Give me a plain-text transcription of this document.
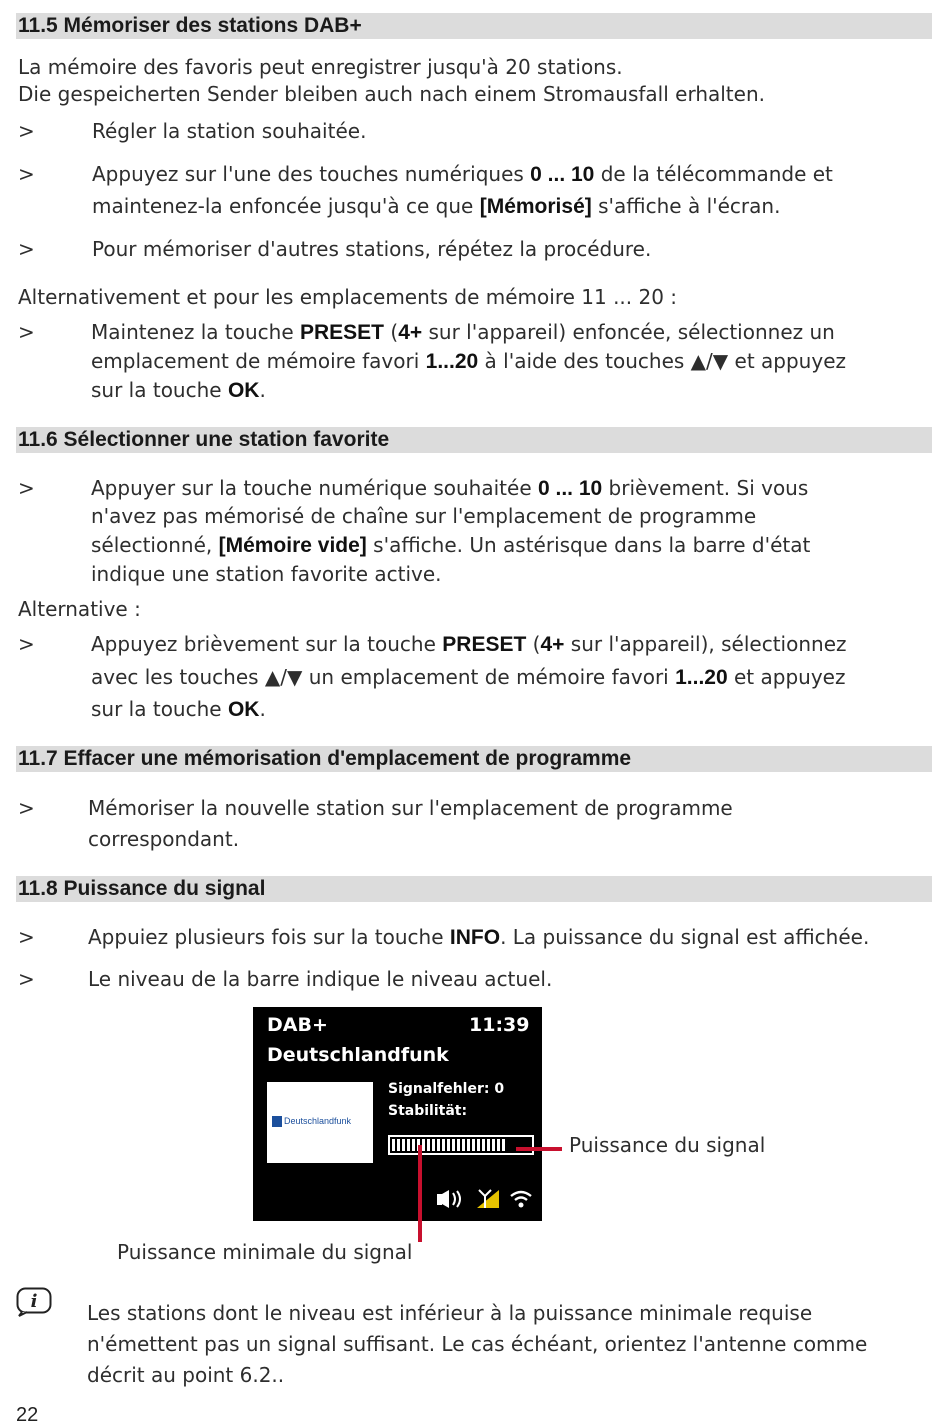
11.5 Mémoriser des stations DAB+
La mémoire des favoris peut enregistrer jusqu'à 20 stations.
Die gespeicherten Sender bleiben auch nach einem Stromausfall erhalten.
>	Régler la station souhaitée.
>	Appuyez sur l'une des touches numériques 0 ... 10 de la télécommande et
maintenez-la enfoncée jusqu'à ce que [Mémorisé] s'affiche à l'écran.
>	Pour mémoriser d'autres stations, répétez la procédure.
Alternativement et pour les emplacements de mémoire 11 ... 20 :
>	Maintenez la touche PRESET (4+ sur l'appareil) enfoncée, sélectionnez un
emplacement de mémoire favori 1...20 à l'aide des touches ▲/▼ et appuyez
sur la touche OK.
11.6 Sélectionner une station favorite
>	Appuyer sur la touche numérique souhaitée 0 ... 10 brièvement. Si vous
n'avez pas mémorisé de chaîne sur l'emplacement de programme
sélectionné, [Mémoire vide] s'affiche. Un astérisque dans la barre d'état
indique une station favorite active.
Alternative :
>	Appuyez brièvement sur la touche PRESET (4+ sur l'appareil), sélectionnez
avec les touches ▲/▼ un emplacement de mémoire favori 1...20 et appuyez
sur la touche OK.
11.7 Effacer une mémorisation d'emplacement de programme
>	Mémoriser la nouvelle station sur l'emplacement de programme
correspondant.
11.8 Puissance du signal
>	Appuiez plusieurs fois sur la touche INFO. La puissance du signal est affichée.
>	Le niveau de la barre indique le niveau actuel.
DAB+	11:39
Deutschlandfunk
Deutschlandfunk
Signalfehler: 0
Stabilität:
Puissance du signal
Puissance minimale du signal
i Les stations dont le niveau est inférieur à la puissance minimale requise
n'émettent pas un signal suffisant. Le cas échéant, orientez l'antenne comme
décrit au point 6.2..
22
